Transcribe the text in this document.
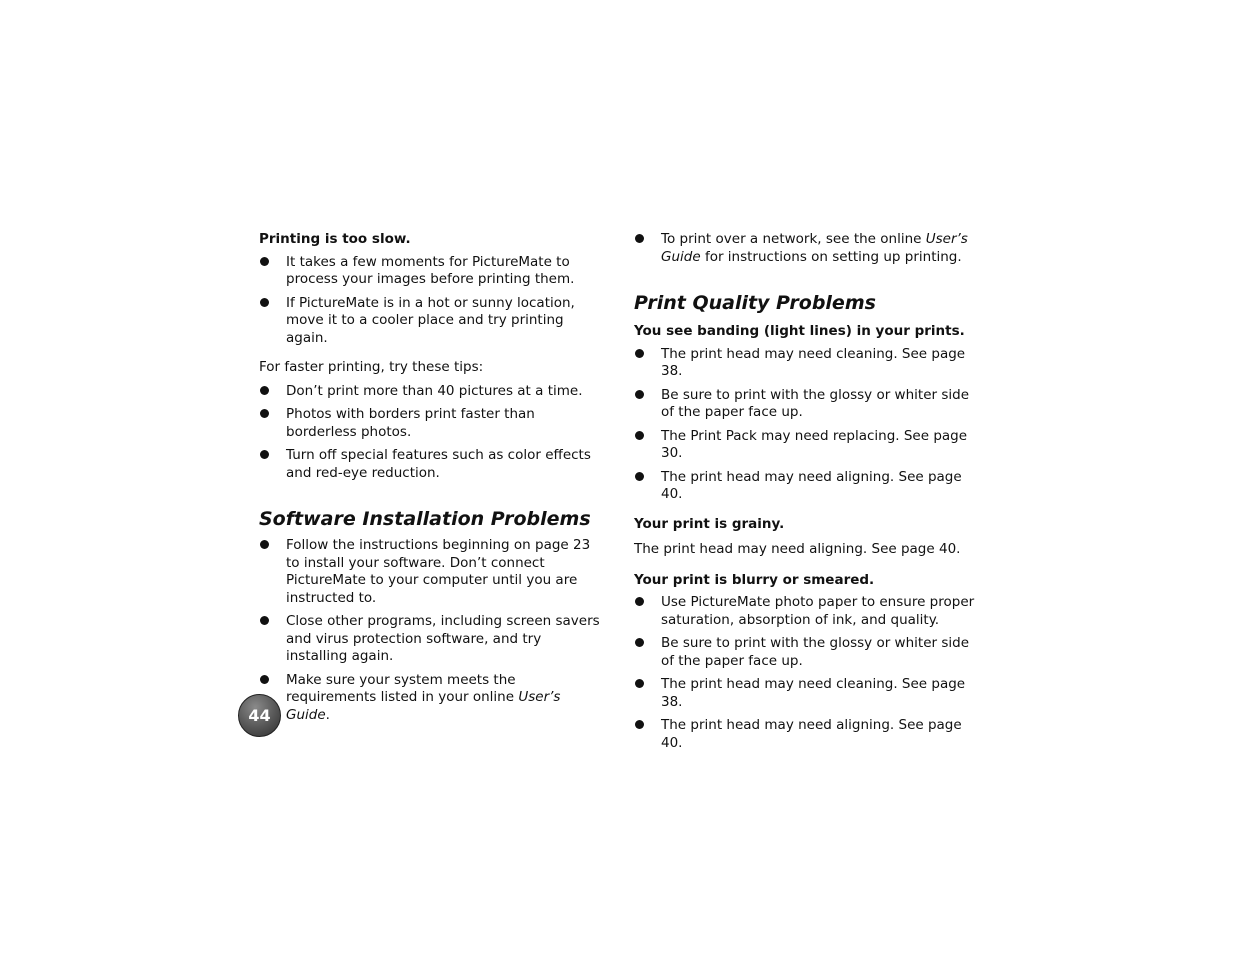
Printing is too slow.

It takes a few moments for PictureMate to process your images before printing them.
If PictureMate is in a hot or sunny location, move it to a cooler place and try printing again.

For faster printing, try these tips:

Don’t print more than 40 pictures at a time.
Photos with borders print faster than borderless photos.
Turn off special features such as color effects and red-eye reduction.
Software Installation Problems
Follow the instructions beginning on page 23 to install your software. Don’t connect PictureMate to your computer until you are instructed to.
Close other programs, including screen savers and virus protection software, and try installing again.
Make sure your system meets the requirements listed in your online User’s Guide.
To print over a network, see the online User’s Guide for instructions on setting up printing.
Print Quality Problems

You see banding (light lines) in your prints.

The print head may need cleaning. See page 38.
Be sure to print with the glossy or whiter side of the paper face up.
The Print Pack may need replacing. See page 30.
The print head may need aligning. See page 40.

Your print is grainy.

The print head may need aligning. See page 40.

Your print is blurry or smeared.

Use PictureMate photo paper to ensure proper saturation, absorption of ink, and quality.
Be sure to print with the glossy or whiter side of the paper face up.
The print head may need cleaning. See page 38.
The print head may need aligning. See page 40.
44
